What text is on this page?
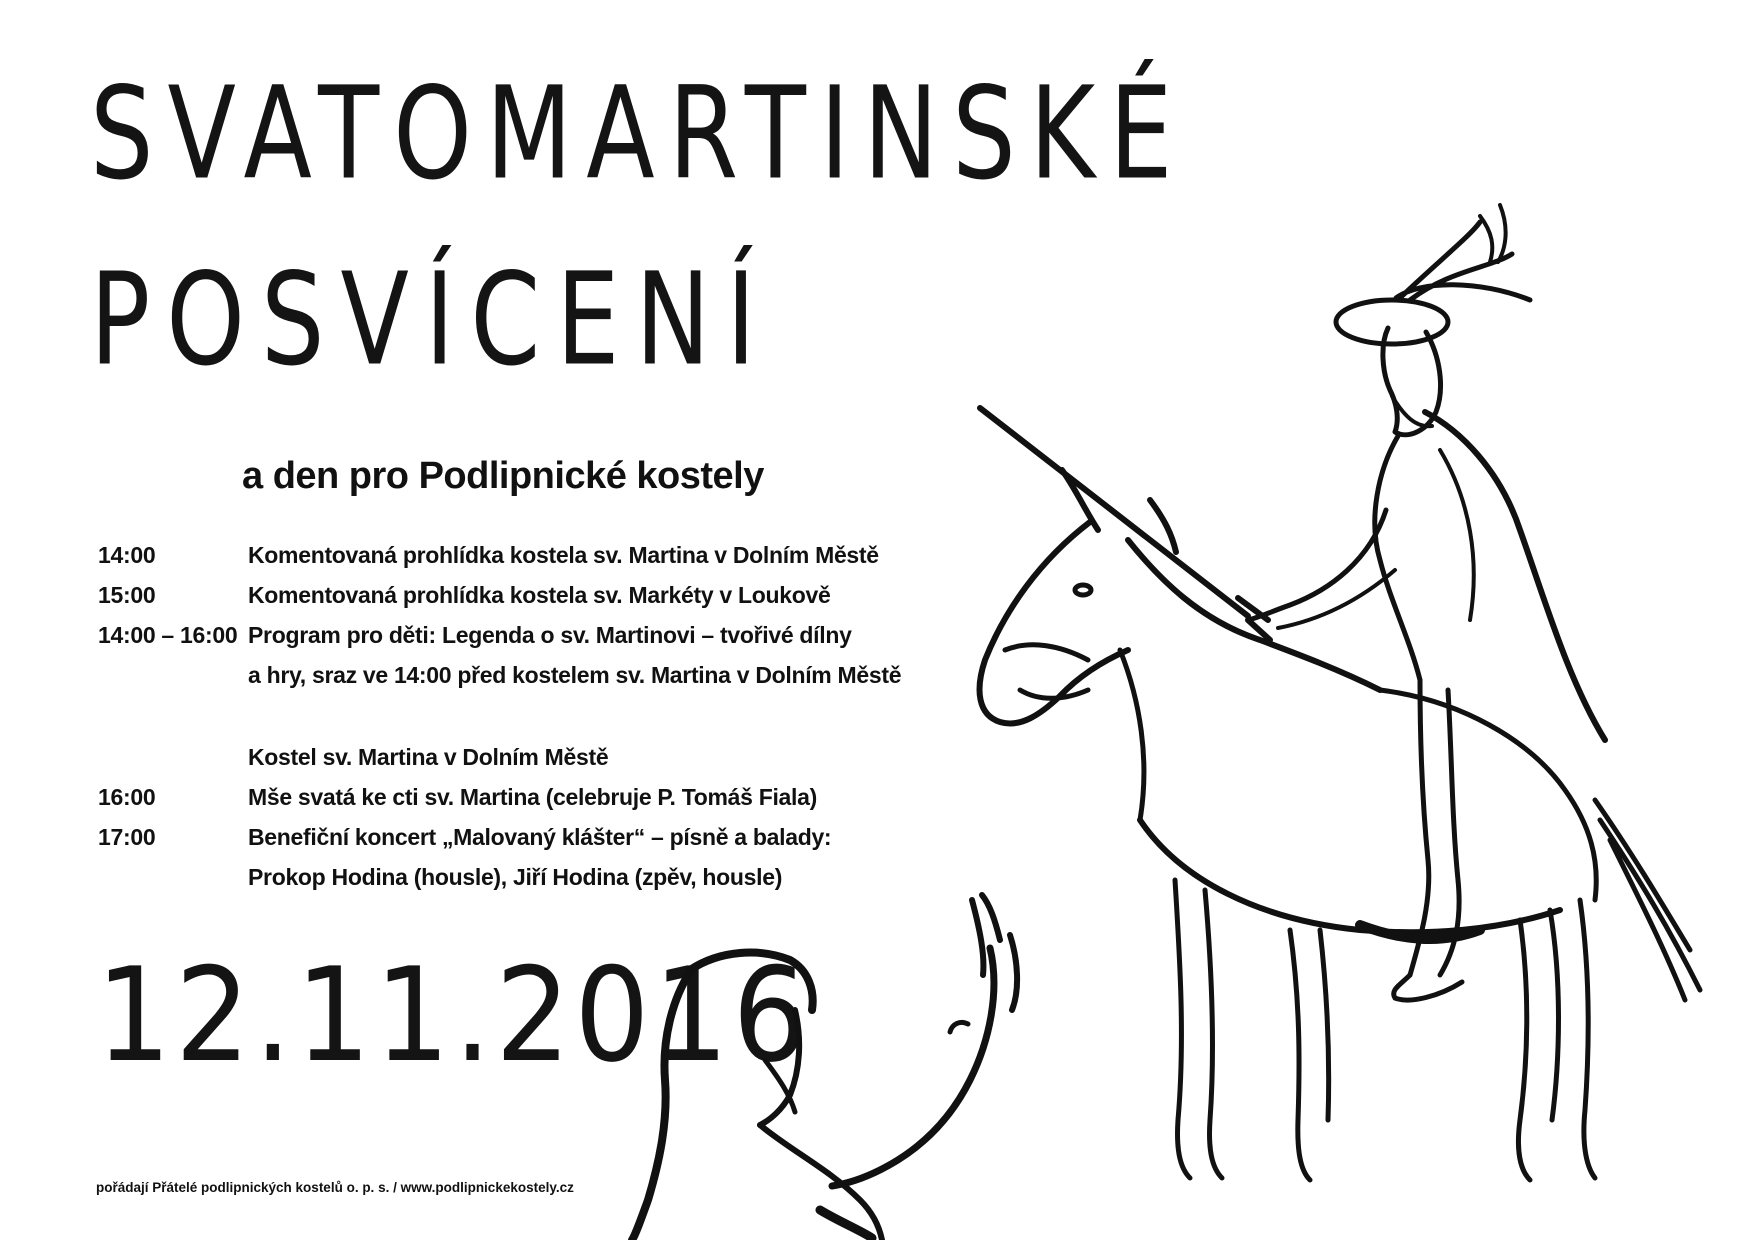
SVATOMARTINSKÉ
POSVÍCENÍ
a den pro Podlipnické kostely
14:00	Komentovaná prohlídka kostela sv. Martina v Dolním Městě
15:00	Komentovaná prohlídka kostela sv. Markéty v Loukově
14:00 – 16:00 Program pro děti: Legenda o sv. Martinovi – tvořivé dílny
a hry, sraz ve 14:00 před kostelem sv. Martina v Dolním Městě
Kostel sv. Martina v Dolním Městě
16:00	Mše svatá ke cti sv. Martina (celebruje P. Tomáš Fiala)
17:00	Benefiční koncert „Malovaný klášter“ – písně a balady:
Prokop Hodina (housle), Jiří Hodina (zpěv, housle)
12.11.2016
pořádají Přátelé podlipnických kostelů o. p. s. / www.podlipnickekostely.cz
